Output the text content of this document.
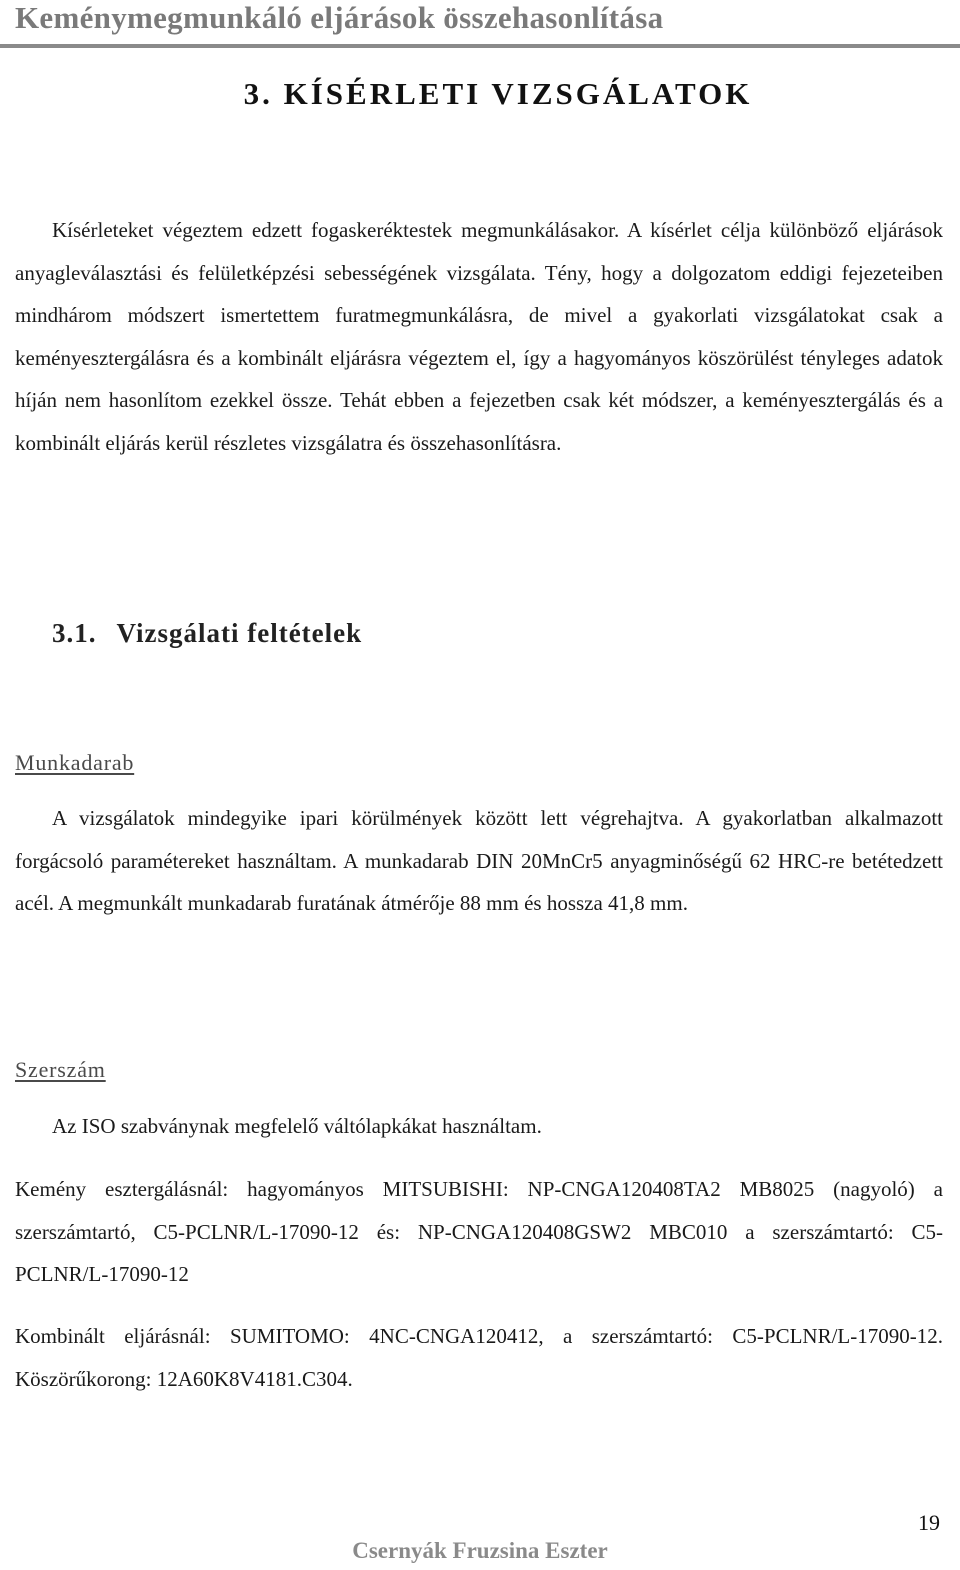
Keménymegmunkáló eljárások összehasonlítása
3. KÍSÉRLETI VIZSGÁLATOK

Kísérleteket végeztem edzett fogaskeréktestek megmunkálásakor. A kísérlet célja különböző eljárások anyagleválasztási és felületképzési sebességének vizsgálata. Tény, hogy a dolgozatom eddigi fejezeteiben mindhárom módszert ismertettem furatmegmunkálásra, de mivel a gyakorlati vizsgálatokat csak a keményesztergálásra és a kombinált eljárásra végeztem el, így a hagyományos köszörülést tényleges adatok híján nem hasonlítom ezekkel össze. Tehát ebben a fejezetben csak két módszer, a keményesztergálás és a kombinált eljárás kerül részletes vizsgálatra és összehasonlításra.

3.1. Vizsgálati feltételek
Munkadarab

A vizsgálatok mindegyike ipari körülmények között lett végrehajtva. A gyakorlatban alkalmazott forgácsoló paramétereket használtam. A munkadarab DIN 20MnCr5 anyagminőségű 62 HRC-re betétedzett acél. A megmunkált munkadarab furatának átmérője 88 mm és hossza 41,8 mm.

Szerszám

Az ISO szabványnak megfelelő váltólapkákat használtam.

Kemény esztergálásnál: hagyományos MITSUBISHI: NP-CNGA120408TA2 MB8025 (nagyoló) a szerszámtartó, C5-PCLNR/L-17090-12 és: NP-CNGA120408GSW2 MBC010 a szerszámtartó: C5-PCLNR/L-17090-12

Kombinált eljárásnál: SUMITOMO: 4NC-CNGA120412, a szerszámtartó: C5-PCLNR/L-17090-12. Köszörűkorong: 12A60K8V4181.C304.

19
Csernyák Fruzsina Eszter
